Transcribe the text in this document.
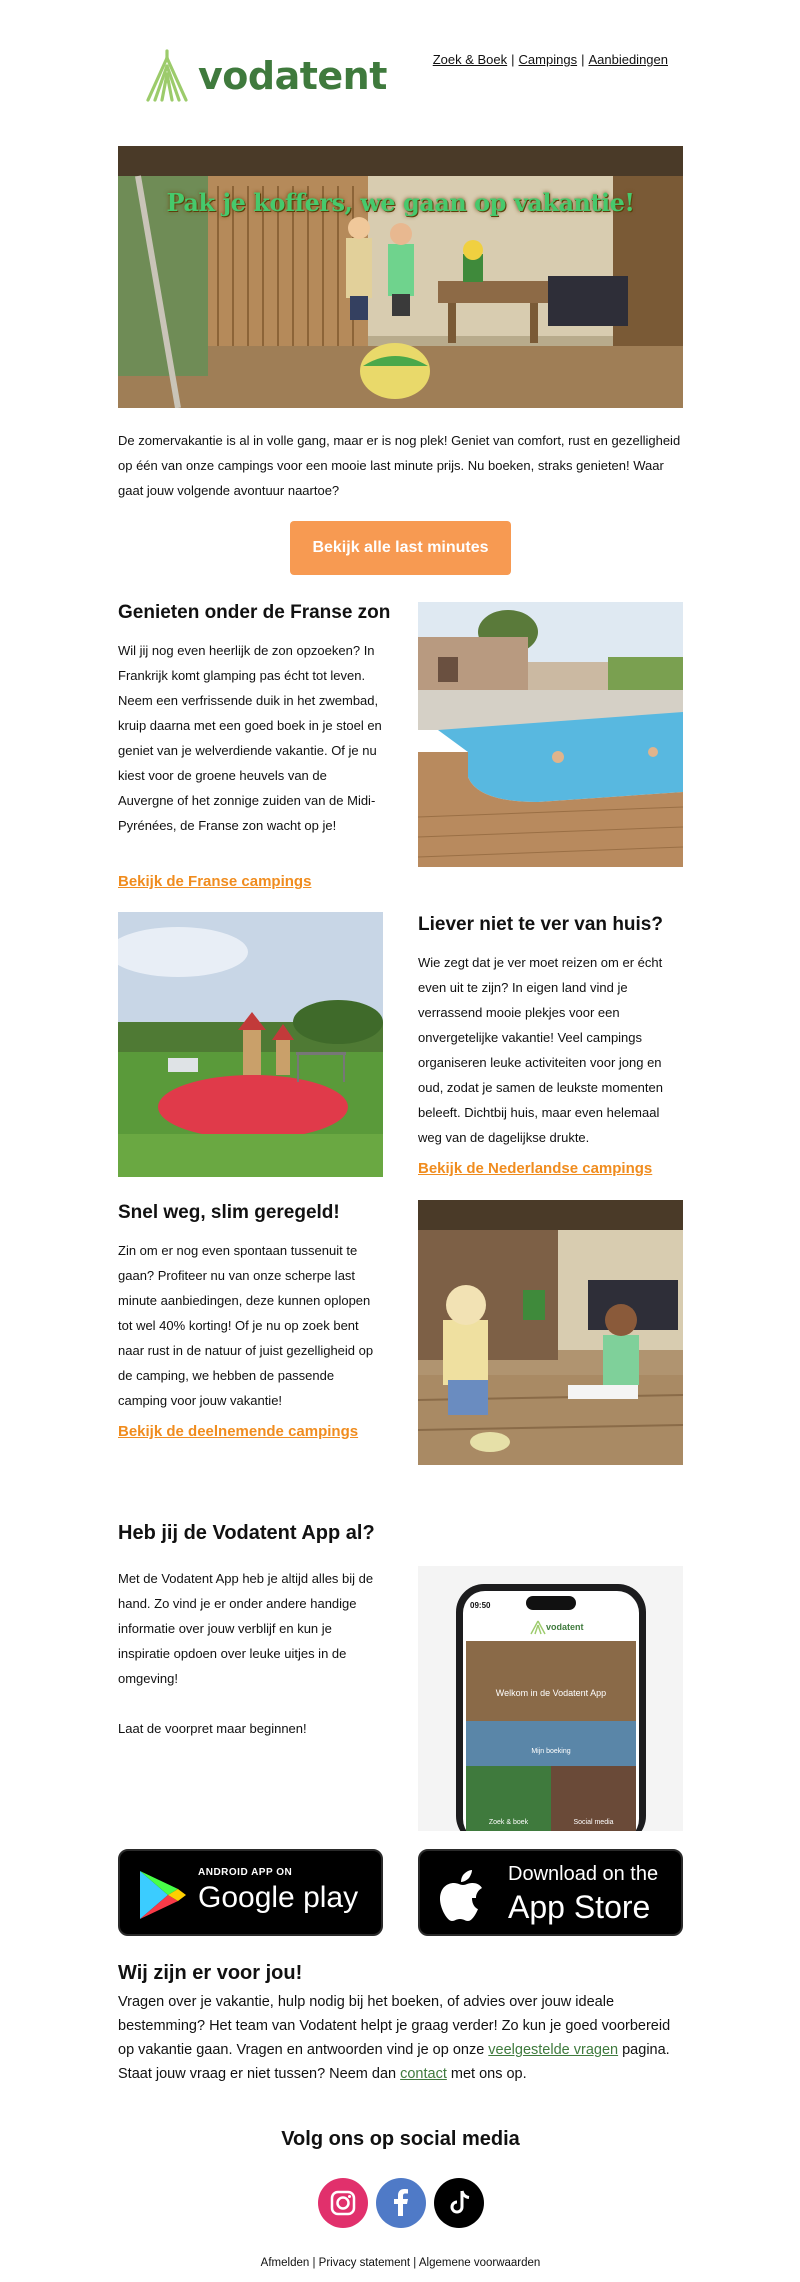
vodatent	Zoek & Boek | Campings | Aanbiedingen
Pak je koffers, we gaan op vakantie!

De zomervakantie is al in volle gang, maar er is nog plek! Geniet van comfort, rust en gezelligheid op één van onze campings voor een mooie last minute prijs. Nu boeken, straks genieten! Waar gaat jouw volgende avontuur naartoe?

Bekijk alle last minutes
Genieten onder de Franse zon

Wil jij nog even heerlijk de zon opzoeken? In Frankrijk komt glamping pas écht tot leven. Neem een verfrissende duik in het zwembad, kruip daarna met een goed boek in je stoel en geniet van je welverdiende vakantie. Of je nu kiest voor de groene heuvels van de Auvergne of het zonnige zuiden van de Midi-Pyrénées, de Franse zon wacht op je!

Bekijk de Franse campings
Liever niet te ver van huis?

Wie zegt dat je ver moet reizen om er écht even uit te zijn? In eigen land vind je verrassend mooie plekjes voor een onvergetelijke vakantie! Veel campings organiseren leuke activiteiten voor jong en oud, zodat je samen de leukste momenten beleeft. Dichtbij huis, maar even helemaal weg van de dagelijkse drukte.

Bekijk de Nederlandse campings
Snel weg, slim geregeld!

Zin om er nog even spontaan tussenuit te gaan? Profiteer nu van onze scherpe last minute aanbiedingen, deze kunnen oplopen tot wel 40% korting! Of je nu op zoek bent naar rust in de natuur of juist gezelligheid op de camping, we hebben de passende camping voor jouw vakantie!

Bekijk de deelnemende campings
Heb jij de Vodatent App al?

Met de Vodatent App heb je altijd alles bij de hand. Zo vind je er onder andere handige informatie over jouw verblijf en kun je inspiratie opdoen over leuke uitjes in de omgeving!

Laat de voorpret maar beginnen!

09:50
vodatent
Welkom in de Vodatent App
Mijn boeking
Zoek & boek	Social media
ANDROID APP ON
Google play
Download on the
App Store
Wij zijn er voor jou!

Vragen over je vakantie, hulp nodig bij het boeken, of advies over jouw ideale bestemming? Het team van Vodatent helpt je graag verder! Zo kun je goed voorbereid op vakantie gaan. Vragen en antwoorden vind je op onze veelgestelde vragen pagina. Staat jouw vraag er niet tussen? Neem dan contact met ons op.

Volg ons op social media
Afmelden | Privacy statement | Algemene voorwaarden
